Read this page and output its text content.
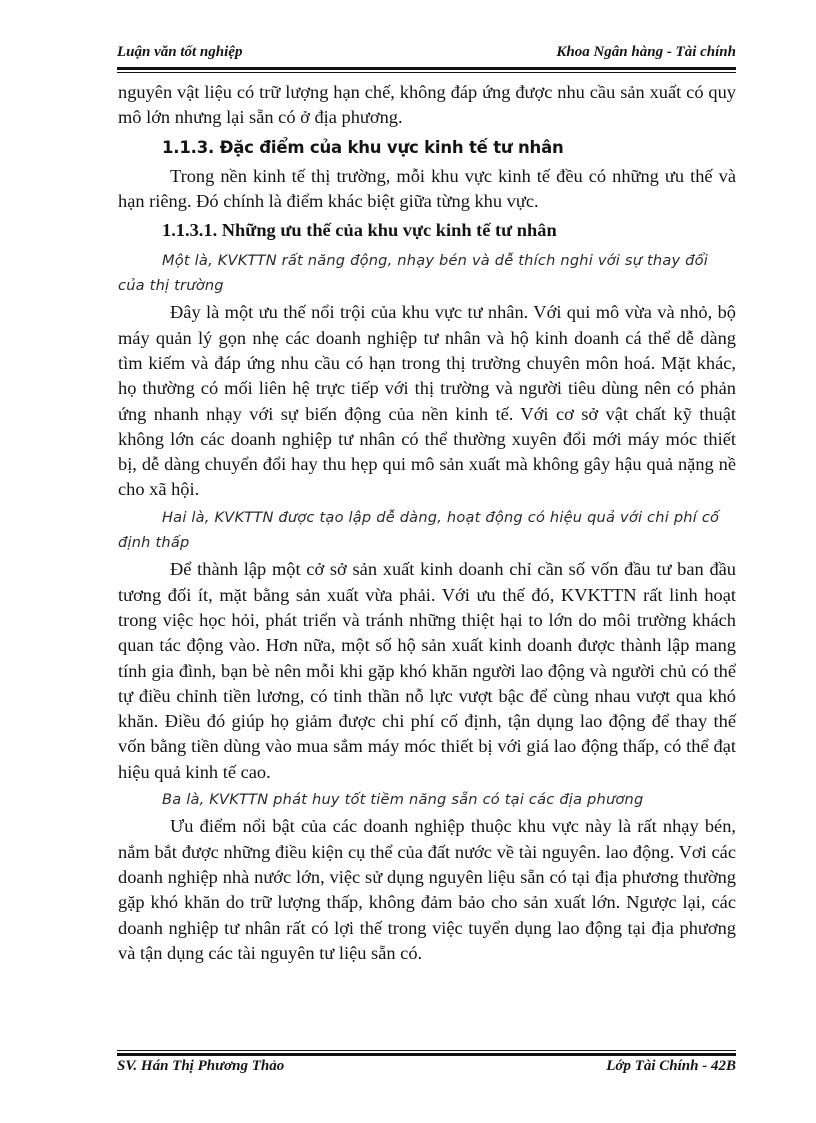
Luận văn tốt nghiệp	Khoa Ngân hàng - Tài chính

nguyên vật liệu có trữ lượng hạn chế, không đáp ứng được nhu cầu sản xuất có quy mô lớn nhưng lại sẵn có ở địa phương.

1.1.3. Đặc điểm của khu vực kinh tế tư nhân

Trong nền kinh tế thị trường, mỗi khu vực kinh tế đều có những ưu thế và hạn riêng. Đó chính là điểm khác biệt giữa từng khu vực.

1.1.3.1. Những ưu thế của khu vực kinh tế tư nhân

Một là, KVKTTN rất năng động, nhạy bén và dễ thích nghi với sự thay đổi của thị trường

Đây là một ưu thế nổi trội của khu vực tư nhân. Với qui mô vừa và nhỏ, bộ máy quản lý gọn nhẹ các doanh nghiệp tư nhân và hộ kinh doanh cá thể dễ dàng tìm kiếm và đáp ứng nhu cầu có hạn trong thị trường chuyên môn hoá. Mặt khác, họ thường có mối liên hệ trực tiếp với thị trường và người tiêu dùng nên có phản ứng nhanh nhạy với sự biến động của nền kinh tế. Với cơ sở vật chất kỹ thuật không lớn các doanh nghiệp tư nhân có thể thường xuyên đổi mới máy móc thiết bị, dễ dàng chuyển đổi hay thu hẹp qui mô sản xuất mà không gây hậu quả nặng nề cho xã hội.

Hai là, KVKTTN được tạo lập dễ dàng, hoạt động có hiệu quả với chi phí cố định thấp

Để thành lập một cở sở sản xuất kinh doanh chỉ cần số vốn đầu tư ban đầu tương đối ít, mặt bằng sản xuất vừa phải. Với ưu thế đó, KVKTTN rất linh hoạt trong việc học hỏi, phát triển và tránh những thiệt hại to lớn do môi trường khách quan tác động vào. Hơn nữa, một số hộ sản xuất kinh doanh được thành lập mang tính gia đình, bạn bè nên mỗi khi gặp khó khăn người lao động và người chủ có thể tự điều chỉnh tiền lương, có tinh thần nỗ lực vượt bậc để cùng nhau vượt qua khó khăn. Điều đó giúp họ giảm được chi phí cố định, tận dụng lao động để thay thế vốn bằng tiền dùng vào mua sắm máy móc thiết bị với giá lao động thấp, có thể đạt hiệu quả kinh tế cao.

Ba là, KVKTTN phát huy tốt tiềm năng sẵn có tại các địa phương

Ưu điểm nổi bật của các doanh nghiệp thuộc khu vực này là rất nhạy bén, nắm bắt được những điều kiện cụ thể của đất nước về tài nguyên. lao động. Vơi các doanh nghiệp nhà nước lớn, việc sử dụng nguyên liệu sẵn có tại địa phương thường gặp khó khăn do trữ lượng thấp, không đảm bảo cho sản xuất lớn. Ngược lại, các doanh nghiệp tư nhân rất có lợi thế trong việc tuyển dụng lao động tại địa phương và tận dụng các tài nguyên tư liệu sẵn có.

SV. Hán Thị Phương Thảo	Lớp Tài Chính - 42B
